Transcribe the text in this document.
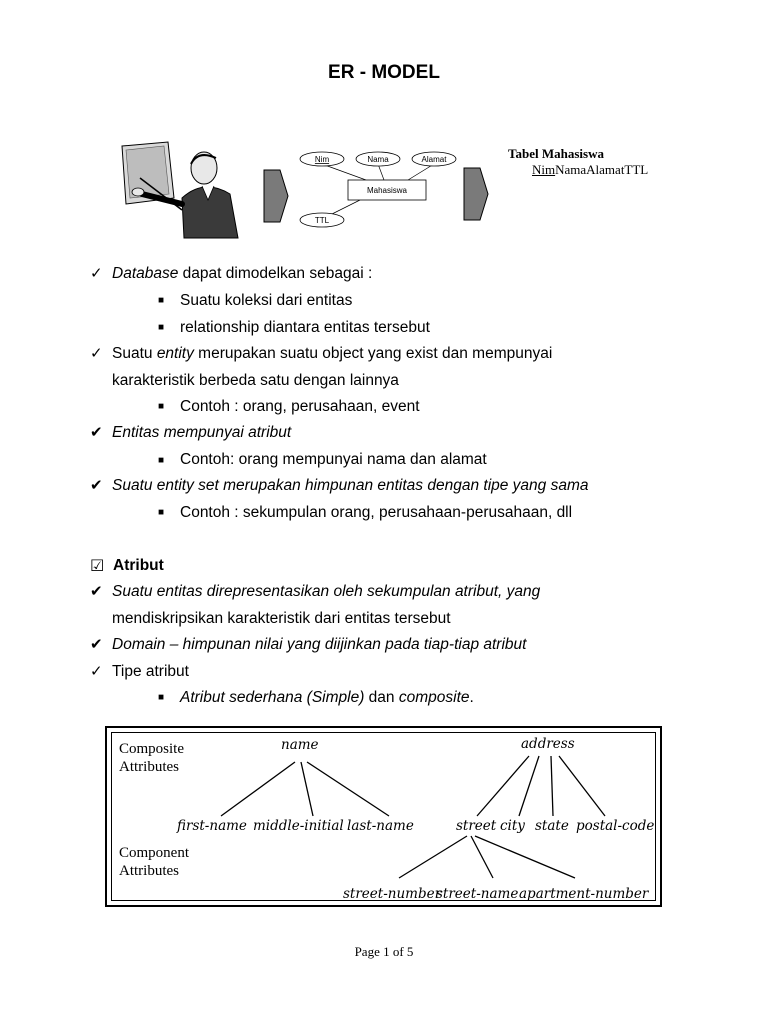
ER - MODEL
Nim	Nama	Alamat
TTL
Mahasiswa
Tabel Mahasiswa
NimNamaAlamatTTL
✓ Database dapat dimodelkan sebagai :
■ Suatu koleksi dari entitas
■ relationship diantara entitas tersebut
✓ Suatu entity merupakan suatu object yang exist dan mempunyai
karakteristik berbeda satu dengan lainnya
■ Contoh : orang, perusahaan, event
✔ Entitas mempunyai atribut
■ Contoh: orang mempunyai nama dan alamat
✔ Suatu entity set merupakan himpunan entitas dengan tipe yang sama
■ Contoh : sekumpulan orang, perusahaan-perusahaan, dll
☑ Atribut
✔ Suatu entitas direpresentasikan oleh sekumpulan atribut, yang
mendiskripsikan karakteristik dari entitas tersebut
✔ Domain – himpunan nilai yang diijinkan pada tiap-tiap atribut
✓ Tipe atribut
■ Atribut sederhana (Simple) dan composite.
Composite
Attributes
Component
Attributes
name	address
first-name middle-initial last-name	street city state postal-code
street-number
street-name apartment-number
Page 1 of 5
